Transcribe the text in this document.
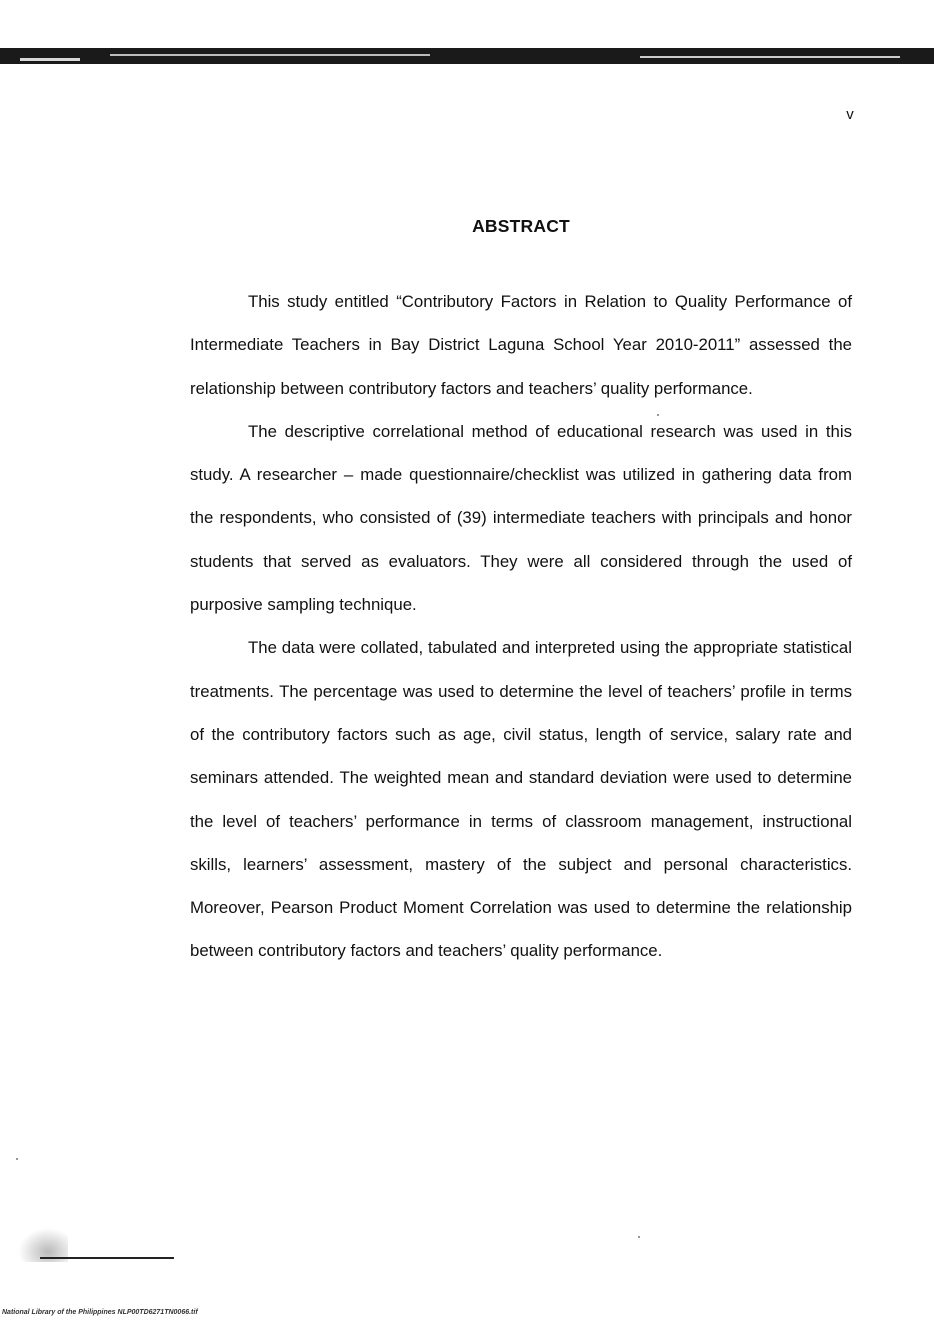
v
ABSTRACT

This study entitled “Contributory Factors in Relation to Quality Performance of Intermediate Teachers in Bay District Laguna School Year 2010-2011” assessed the relationship between contributory factors and teachers’ quality performance.

The descriptive correlational method of educational research was used in this study. A researcher – made questionnaire/checklist was utilized in gathering data from the respondents, who consisted of (39) intermediate teachers with principals and honor students that served as evaluators. They were all considered through the used of purposive sampling technique.

The data were collated, tabulated and interpreted using the appropriate statistical treatments. The percentage was used to determine the level of teachers’ profile in terms of the contributory factors such as age, civil status, length of service, salary rate and seminars attended. The weighted mean and standard deviation were used to determine the level of teachers’ performance in terms of classroom management, instructional skills, learners’ assessment, mastery of the subject and personal characteristics. Moreover, Pearson Product Moment Correlation was used to determine the relationship between contributory factors and teachers’ quality performance.

National Library of the Philippines NLP00TD6271TN0066.tif
